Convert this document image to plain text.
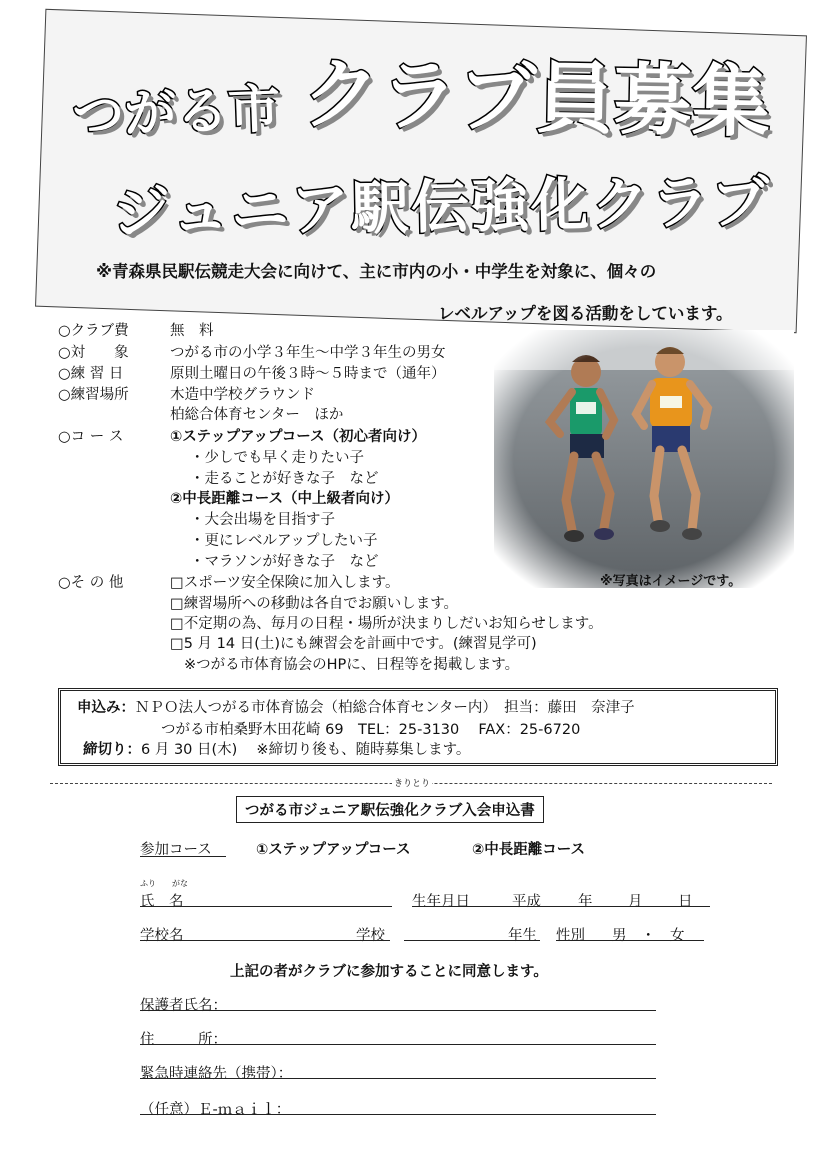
つがる市 クラブ員募集
ジュニア駅伝強化クラブ
※青森県民駅伝競走大会に向けて、主に市内の小・中学生を対象に、個々の
レベルアップを図る活動をしています。
○クラブ費	無　料
○対　　象	つがる市の小学３年生～中学３年生の男女
○練 習 日	原則土曜日の午後３時～５時まで（通年）
○練習場所	木造中学校グラウンド
柏総合体育センター　ほか
○コ ー ス	①ステップアップコース（初心者向け）
・少しでも早く走りたい子
・走ることが好きな子　など
②中長距離コース（中上級者向け）
・大会出場を目指す子
・更にレベルアップしたい子
・マラソンが好きな子　など
○そ の 他	□スポーツ安全保険に加入します。
□練習場所への移動は各自でお願いします。
□不定期の為、毎月の日程・場所が決まりしだいお知らせします。
□5 月 14 日(土)にも練習会を計画中です。(練習見学可)
※つがる市体育協会のHPに、日程等を掲載します。
※写真はイメージです。
申込み：ＮＰＯ法人つがる市体育協会（柏総合体育センター内）　担当：藤田　奈津子
つがる市柏桑野木田花崎 69　TEL：25-3130　 FAX：25-6720
締切り：6 月 30 日(木)　 ※締切り後も、随時募集します。
きりとり
つがる市ジュニア駅伝強化クラブ入会申込書
参加コース	①ステップアップコース	②中長距離コース
ふり　　がな
氏　名	生年月日	平成	年 月 日
学校名	学校	年生 性別 男　・　女
上記の者がクラブに参加することに同意します。
保護者氏名：
住　　　所：
緊急時連絡先（携帯）：
（任意）Ｅ-ｍａｉｌ：
